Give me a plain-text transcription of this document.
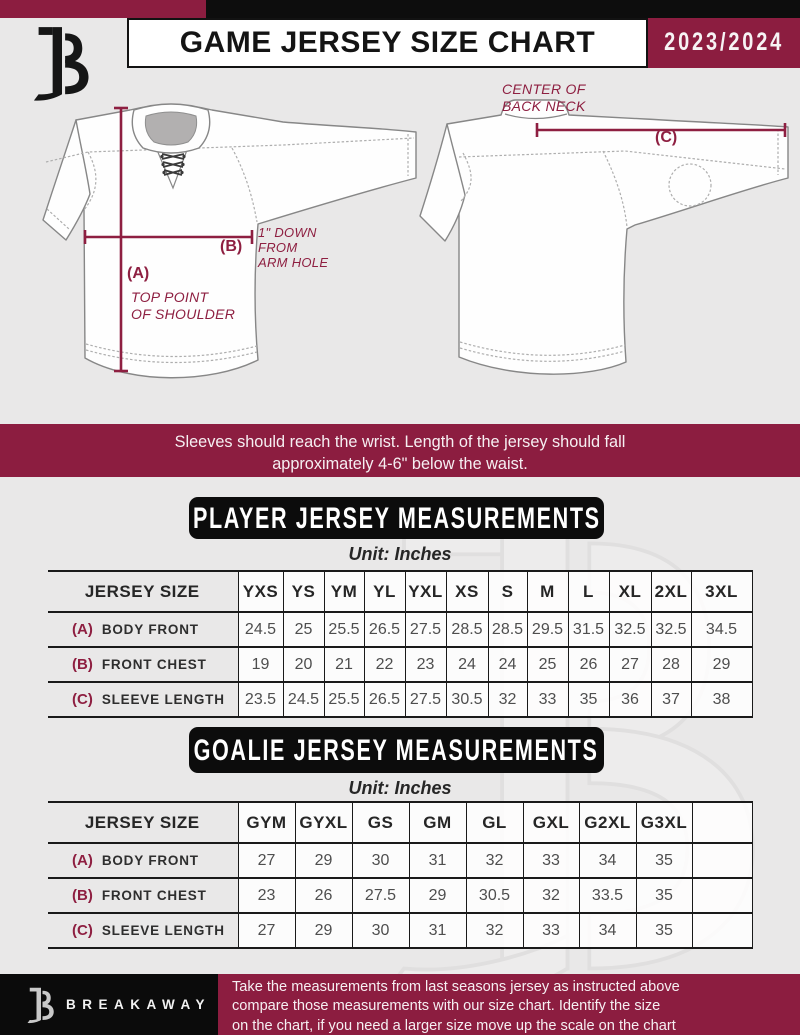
GAME JERSEY SIZE CHART	2023/2024
CENTER OF
BACK NECK
(C)
(B)
1" DOWN
FROM
ARM HOLE
(A)
TOP POINT
OF SHOULDER
Sleeves should reach the wrist. Length of the jersey should fall
approximately 4-6" below the waist.
PLAYER JERSEY MEASUREMENTS
Unit: Inches
JERSEY SIZE	YXS	YS	YM	YL	YXL	XS	S	M	L	XL	2XL	3XL
(A) BODY FRONT	24.5	25	25.5	26.5	27.5	28.5	28.5	29.5	31.5	32.5	32.5	34.5
(B) FRONT CHEST	19	20	21	22	23	24	24	25	26	27	28	29
(C) SLEEVE LENGTH	23.5	24.5	25.5	26.5	27.5	30.5	32	33	35	36	37	38
GOALIE JERSEY MEASUREMENTS
Unit: Inches
JERSEY SIZE	GYM	GYXL	GS	GM	GL	GXL	G2XL	G3XL	
(A) BODY FRONT	27	29	30	31	32	33	34	35	
(B) FRONT CHEST	23	26	27.5	29	30.5	32	33.5	35	
(C) SLEEVE LENGTH	27	29	30	31	32	33	34	35	
BREAKAWAY
Take the measurements from last seasons jersey as instructed above
compare those measurements with our size chart. Identify the size
on the chart, if you need a larger size move up the scale on the chart
